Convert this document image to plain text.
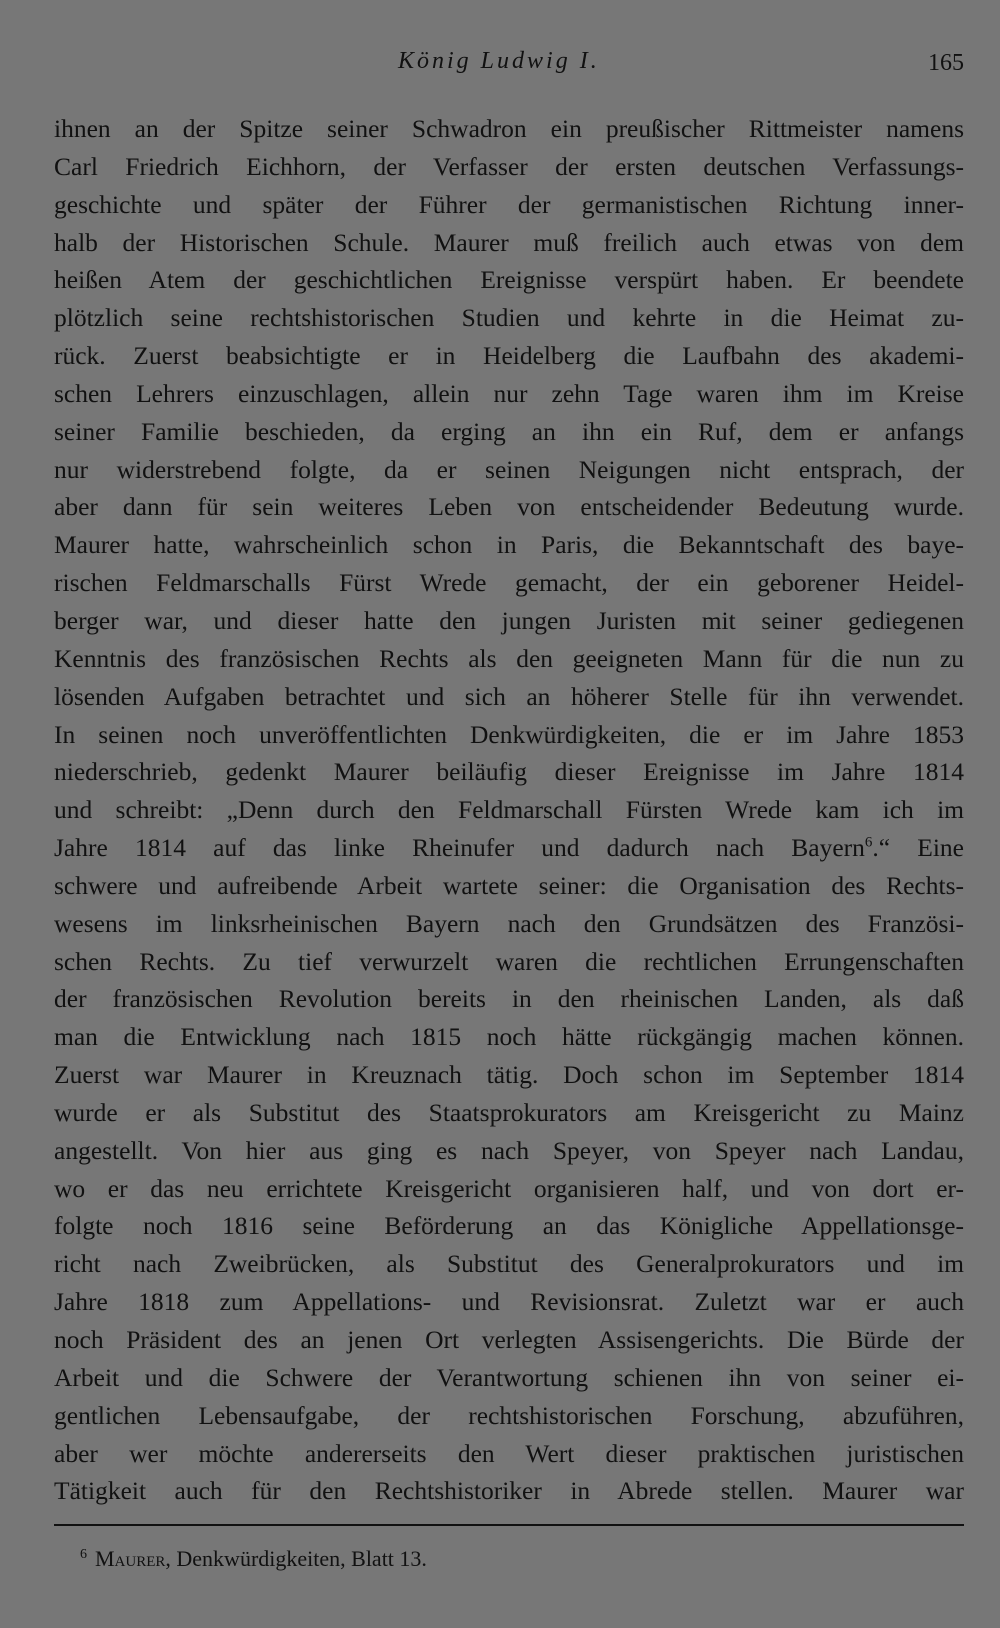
König Ludwig I.	165
ihnen an der Spitze seiner Schwadron ein preußischer Rittmeister namens
Carl Friedrich Eichhorn, der Verfasser der ersten deutschen Verfassungs-
geschichte und später der Führer der germanistischen Richtung inner-
halb der Historischen Schule. Maurer muß freilich auch etwas von dem
heißen Atem der geschichtlichen Ereignisse verspürt haben. Er beendete
plötzlich seine rechtshistorischen Studien und kehrte in die Heimat zu-
rück. Zuerst beabsichtigte er in Heidelberg die Laufbahn des akademi-
schen Lehrers einzuschlagen, allein nur zehn Tage waren ihm im Kreise
seiner Familie beschieden, da erging an ihn ein Ruf, dem er anfangs
nur widerstrebend folgte, da er seinen Neigungen nicht entsprach, der
aber dann für sein weiteres Leben von entscheidender Bedeutung wurde.
Maurer hatte, wahrscheinlich schon in Paris, die Bekanntschaft des baye-
rischen Feldmarschalls Fürst Wrede gemacht, der ein geborener Heidel-
berger war, und dieser hatte den jungen Juristen mit seiner gediegenen
Kenntnis des französischen Rechts als den geeigneten Mann für die nun zu
lösenden Aufgaben betrachtet und sich an höherer Stelle für ihn verwendet.
In seinen noch unveröffentlichten Denkwürdigkeiten, die er im Jahre 1853
niederschrieb, gedenkt Maurer beiläufig dieser Ereignisse im Jahre 1814
und schreibt: „Denn durch den Feldmarschall Fürsten Wrede kam ich im
Jahre 1814 auf das linke Rheinufer und dadurch nach Bayern$^6$.“ Eine
schwere und aufreibende Arbeit wartete seiner: die Organisation des Rechts-
wesens im linksrheinischen Bayern nach den Grundsätzen des Französi-
schen Rechts. Zu tief verwurzelt waren die rechtlichen Errungenschaften
der französischen Revolution bereits in den rheinischen Landen, als daß
man die Entwicklung nach 1815 noch hätte rückgängig machen können.
Zuerst war Maurer in Kreuznach tätig. Doch schon im September 1814
wurde er als Substitut des Staatsprokurators am Kreisgericht zu Mainz
angestellt. Von hier aus ging es nach Speyer, von Speyer nach Landau,
wo er das neu errichtete Kreisgericht organisieren half, und von dort er-
folgte noch 1816 seine Beförderung an das Königliche Appellationsge-
richt nach Zweibrücken, als Substitut des Generalprokurators und im
Jahre 1818 zum Appellations- und Revisionsrat. Zuletzt war er auch
noch Präsident des an jenen Ort verlegten Assisengerichts. Die Bürde der
Arbeit und die Schwere der Verantwortung schienen ihn von seiner ei-
gentlichen Lebensaufgabe, der rechtshistorischen Forschung, abzuführen,
aber wer möchte andererseits den Wert dieser praktischen juristischen
Tätigkeit auch für den Rechtshistoriker in Abrede stellen. Maurer war
$^6$ Maurer, Denkwürdigkeiten, Blatt 13.
